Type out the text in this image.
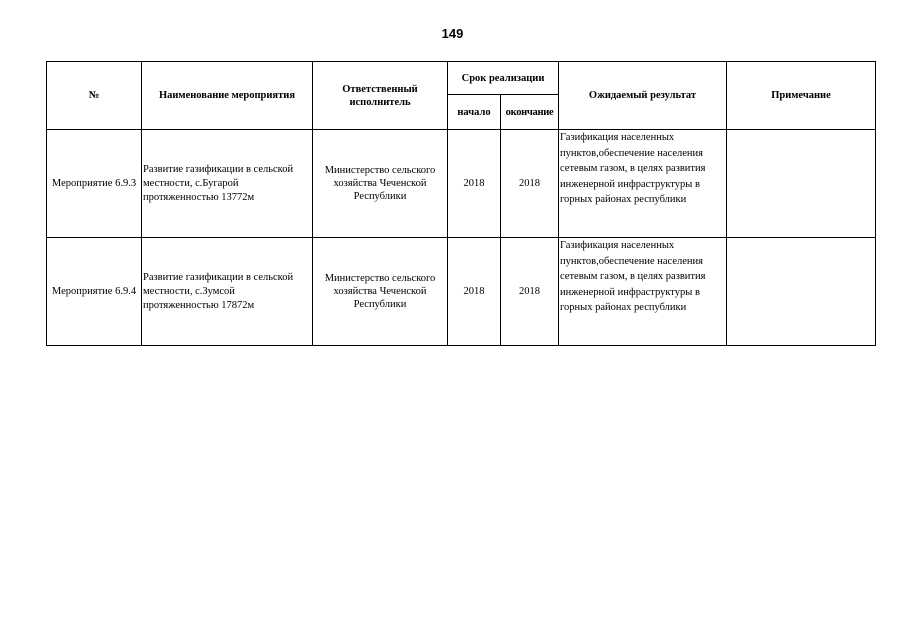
149
№	Наименование мероприятия	Ответственный исполнитель	Срок реализации		Ожидаемый результат	Примечание
			начало	окончание		
Мероприятие 6.9.3	Развитие газификации в сельской местности, с.Бугарой протяженностью 13772м	Министерство сельского хозяйства Чеченской Республики	2018	2018	Газификация населенных пунктов,обеспечение населения сетевым газом, в целях развития инженерной инфраструктуры в горных районах республики	
Мероприятие 6.9.4	Развитие газификации в сельской местности, с.Зумсой протяженностью 17872м	Министерство сельского хозяйства Чеченской Республики	2018	2018	Газификация населенных пунктов,обеспечение населения сетевым газом, в целях развития инженерной инфраструктуры в горных районах республики	
